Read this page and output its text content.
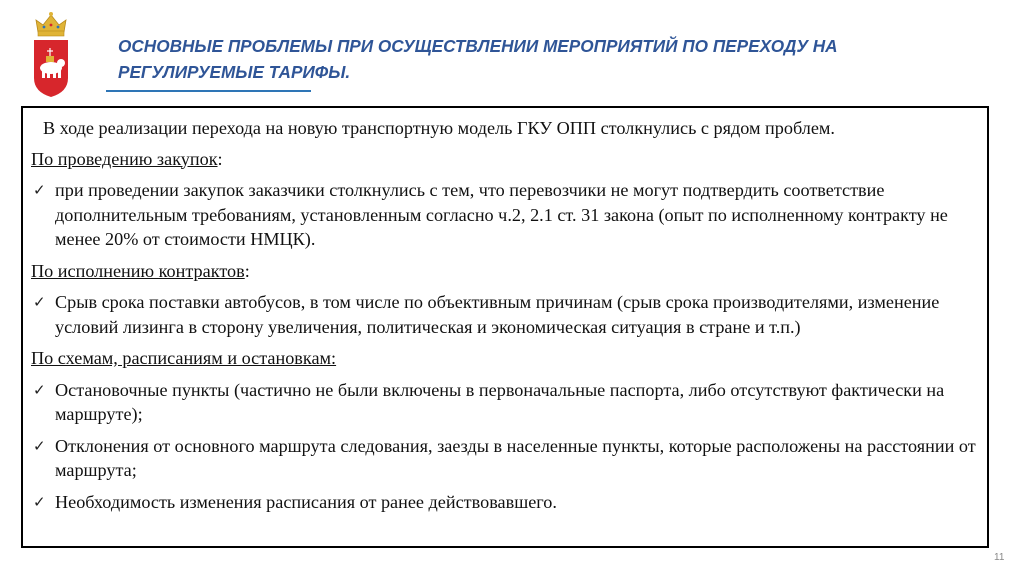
ОСНОВНЫЕ ПРОБЛЕМЫ ПРИ ОСУЩЕСТВЛЕНИИ МЕРОПРИЯТИЙ ПО ПЕРЕХОДУ НА РЕГУЛИРУЕМЫЕ ТАРИФЫ.

В ходе реализации перехода на новую транспортную модель ГКУ ОПП столкнулись с рядом проблем.

По проведению закупок:

✓ при проведении закупок заказчики столкнулись с тем, что перевозчики не могут подтвердить соответствие дополнительным требованиям, установленным согласно ч.2, 2.1 ст. 31 закона (опыт по исполненному контракту не менее 20% от стоимости НМЦК).

По исполнению контрактов:

✓ Срыв срока поставки автобусов, в том числе по объективным причинам (срыв срока производителями, изменение условий лизинга в сторону увеличения, политическая и экономическая ситуация в стране и т.п.)

По схемам, расписаниям и остановкам:

✓ Остановочные пункты (частично не были включены в первоначальные паспорта, либо отсутствуют фактически на маршруте);
✓ Отклонения от основного маршрута следования, заезды в населенные пункты, которые расположены на расстоянии от маршрута;
✓ Необходимость изменения расписания от ранее действовавшего.
11
